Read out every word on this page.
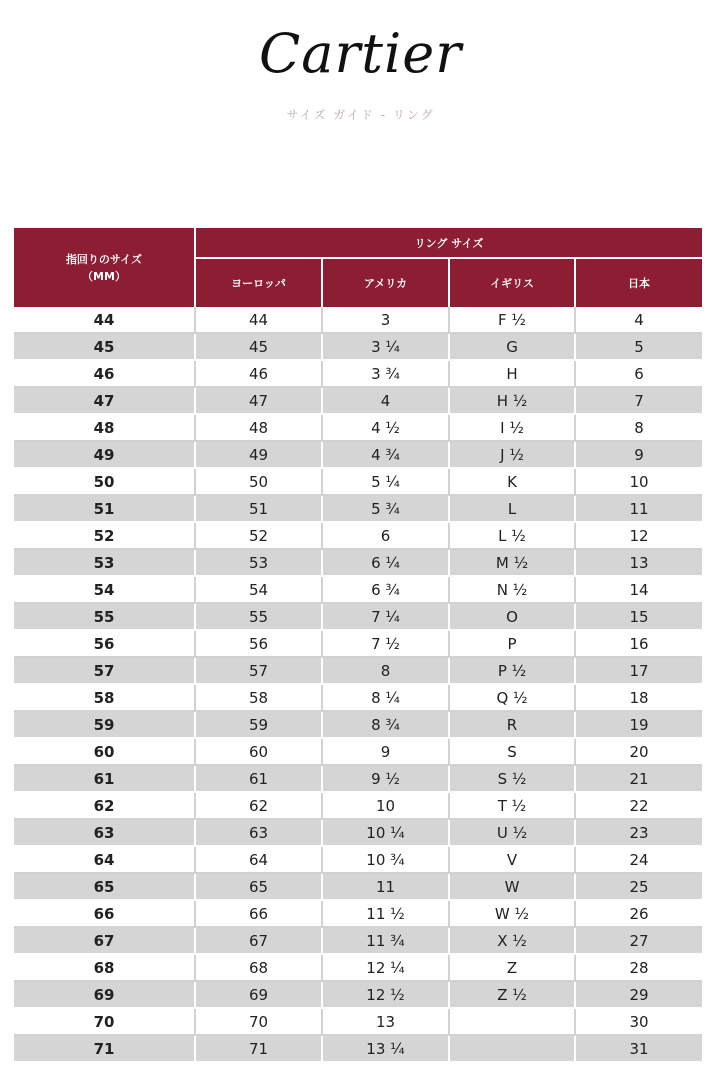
Cartier
サイズ ガイド - リング
指回りのサイズ
（MM）	リング サイズ			
	ヨーロッパ	アメリカ	イギリス	日本
44	44	3	F ½	4
45	45	3 ¼	G	5
46	46	3 ¾	H	6
47	47	4	H ½	7
48	48	4 ½	I ½	8
49	49	4 ¾	J ½	9
50	50	5 ¼	K	10
51	51	5 ¾	L	11
52	52	6	L ½	12
53	53	6 ¼	M ½	13
54	54	6 ¾	N ½	14
55	55	7 ¼	O	15
56	56	7 ½	P	16
57	57	8	P ½	17
58	58	8 ¼	Q ½	18
59	59	8 ¾	R	19
60	60	9	S	20
61	61	9 ½	S ½	21
62	62	10	T ½	22
63	63	10 ¼	U ½	23
64	64	10 ¾	V	24
65	65	11	W	25
66	66	11 ½	W ½	26
67	67	11 ¾	X ½	27
68	68	12 ¼	Z	28
69	69	12 ½	Z ½	29
70	70	13		30
71	71	13 ¼		31
